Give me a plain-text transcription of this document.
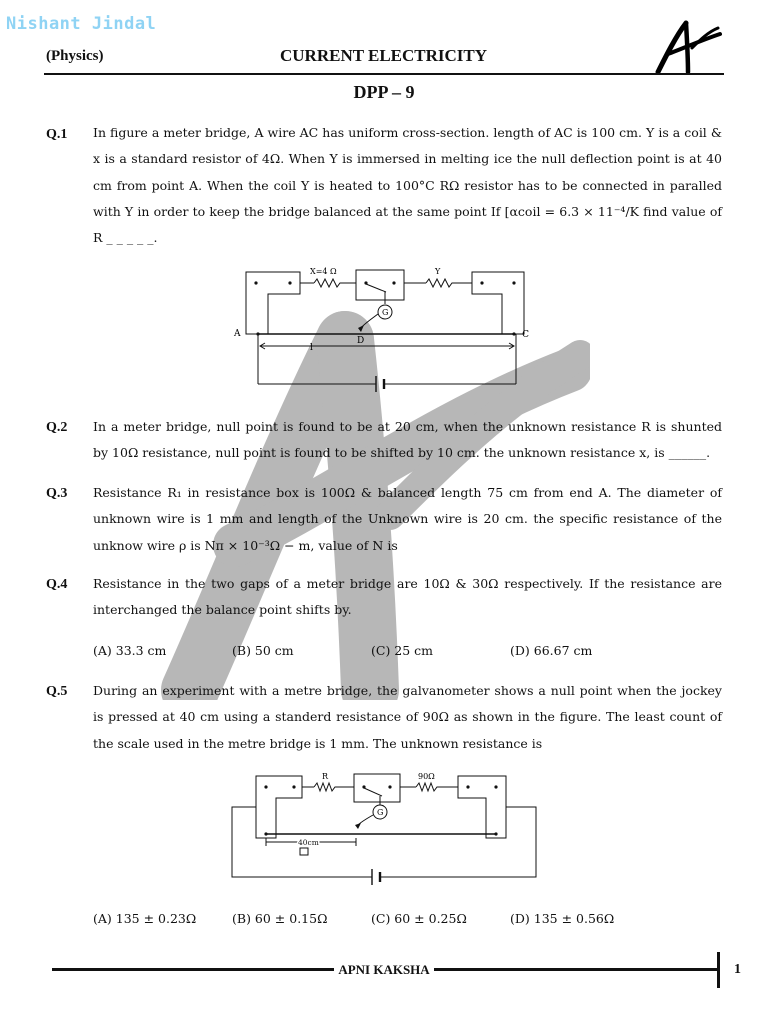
Nishant Jindal
(Physics)	CURRENT ELECTRICITY
DPP – 9
Q.1 In figure a meter bridge, A wire AC has uniform cross-section. length of AC is 100 cm. Y is a coil & x is a standard resistor of 4Ω. When Y is immersed in melting ice the null deflection point is at 40 cm from point A. When the coil Y is heated to 100°C RΩ resistor has to be connected in paralled with Y in order to keep the bridge balanced at the same point If [αcoil = 6.3 × 11⁻⁴/K find value of R _ _ _ _ _.
X=4 Ω	Y
G
A	C
D
l
Q.2 In a meter bridge, null point is found to be at 20 cm, when the unknown resistance R is shunted by 10Ω resistance, null point is found to be shifted by 10 cm. the unknown resistance x, is ______.
Q.3 Resistance R₁ in resistance box is 100Ω & balanced length 75 cm from end A. The diameter of unknown wire is 1 mm and length of the Unknown wire is 20 cm. the specific resistance of the unknow wire ρ is Nπ × 10⁻³Ω − m, value of N is
Q.4 Resistance in the two gaps of a meter bridge are 10Ω & 30Ω respectively. If the resistance are interchanged the balance point shifts by.
(A) 33.3 cm	(B) 50 cm	(C) 25 cm	(D) 66.67 cm
Q.5 During an experiment with a metre bridge, the galvanometer shows a null point when the jockey is pressed at 40 cm using a standerd resistance of 90Ω as shown in the figure. The least count of the scale used in the metre bridge is 1 mm. The unknown resistance is
R	90Ω
G
40cm
(A) 135 ± 0.23Ω	(B) 60 ± 0.15Ω	(C) 60 ± 0.25Ω	(D) 135 ± 0.56Ω
APNI KAKSHA	1
